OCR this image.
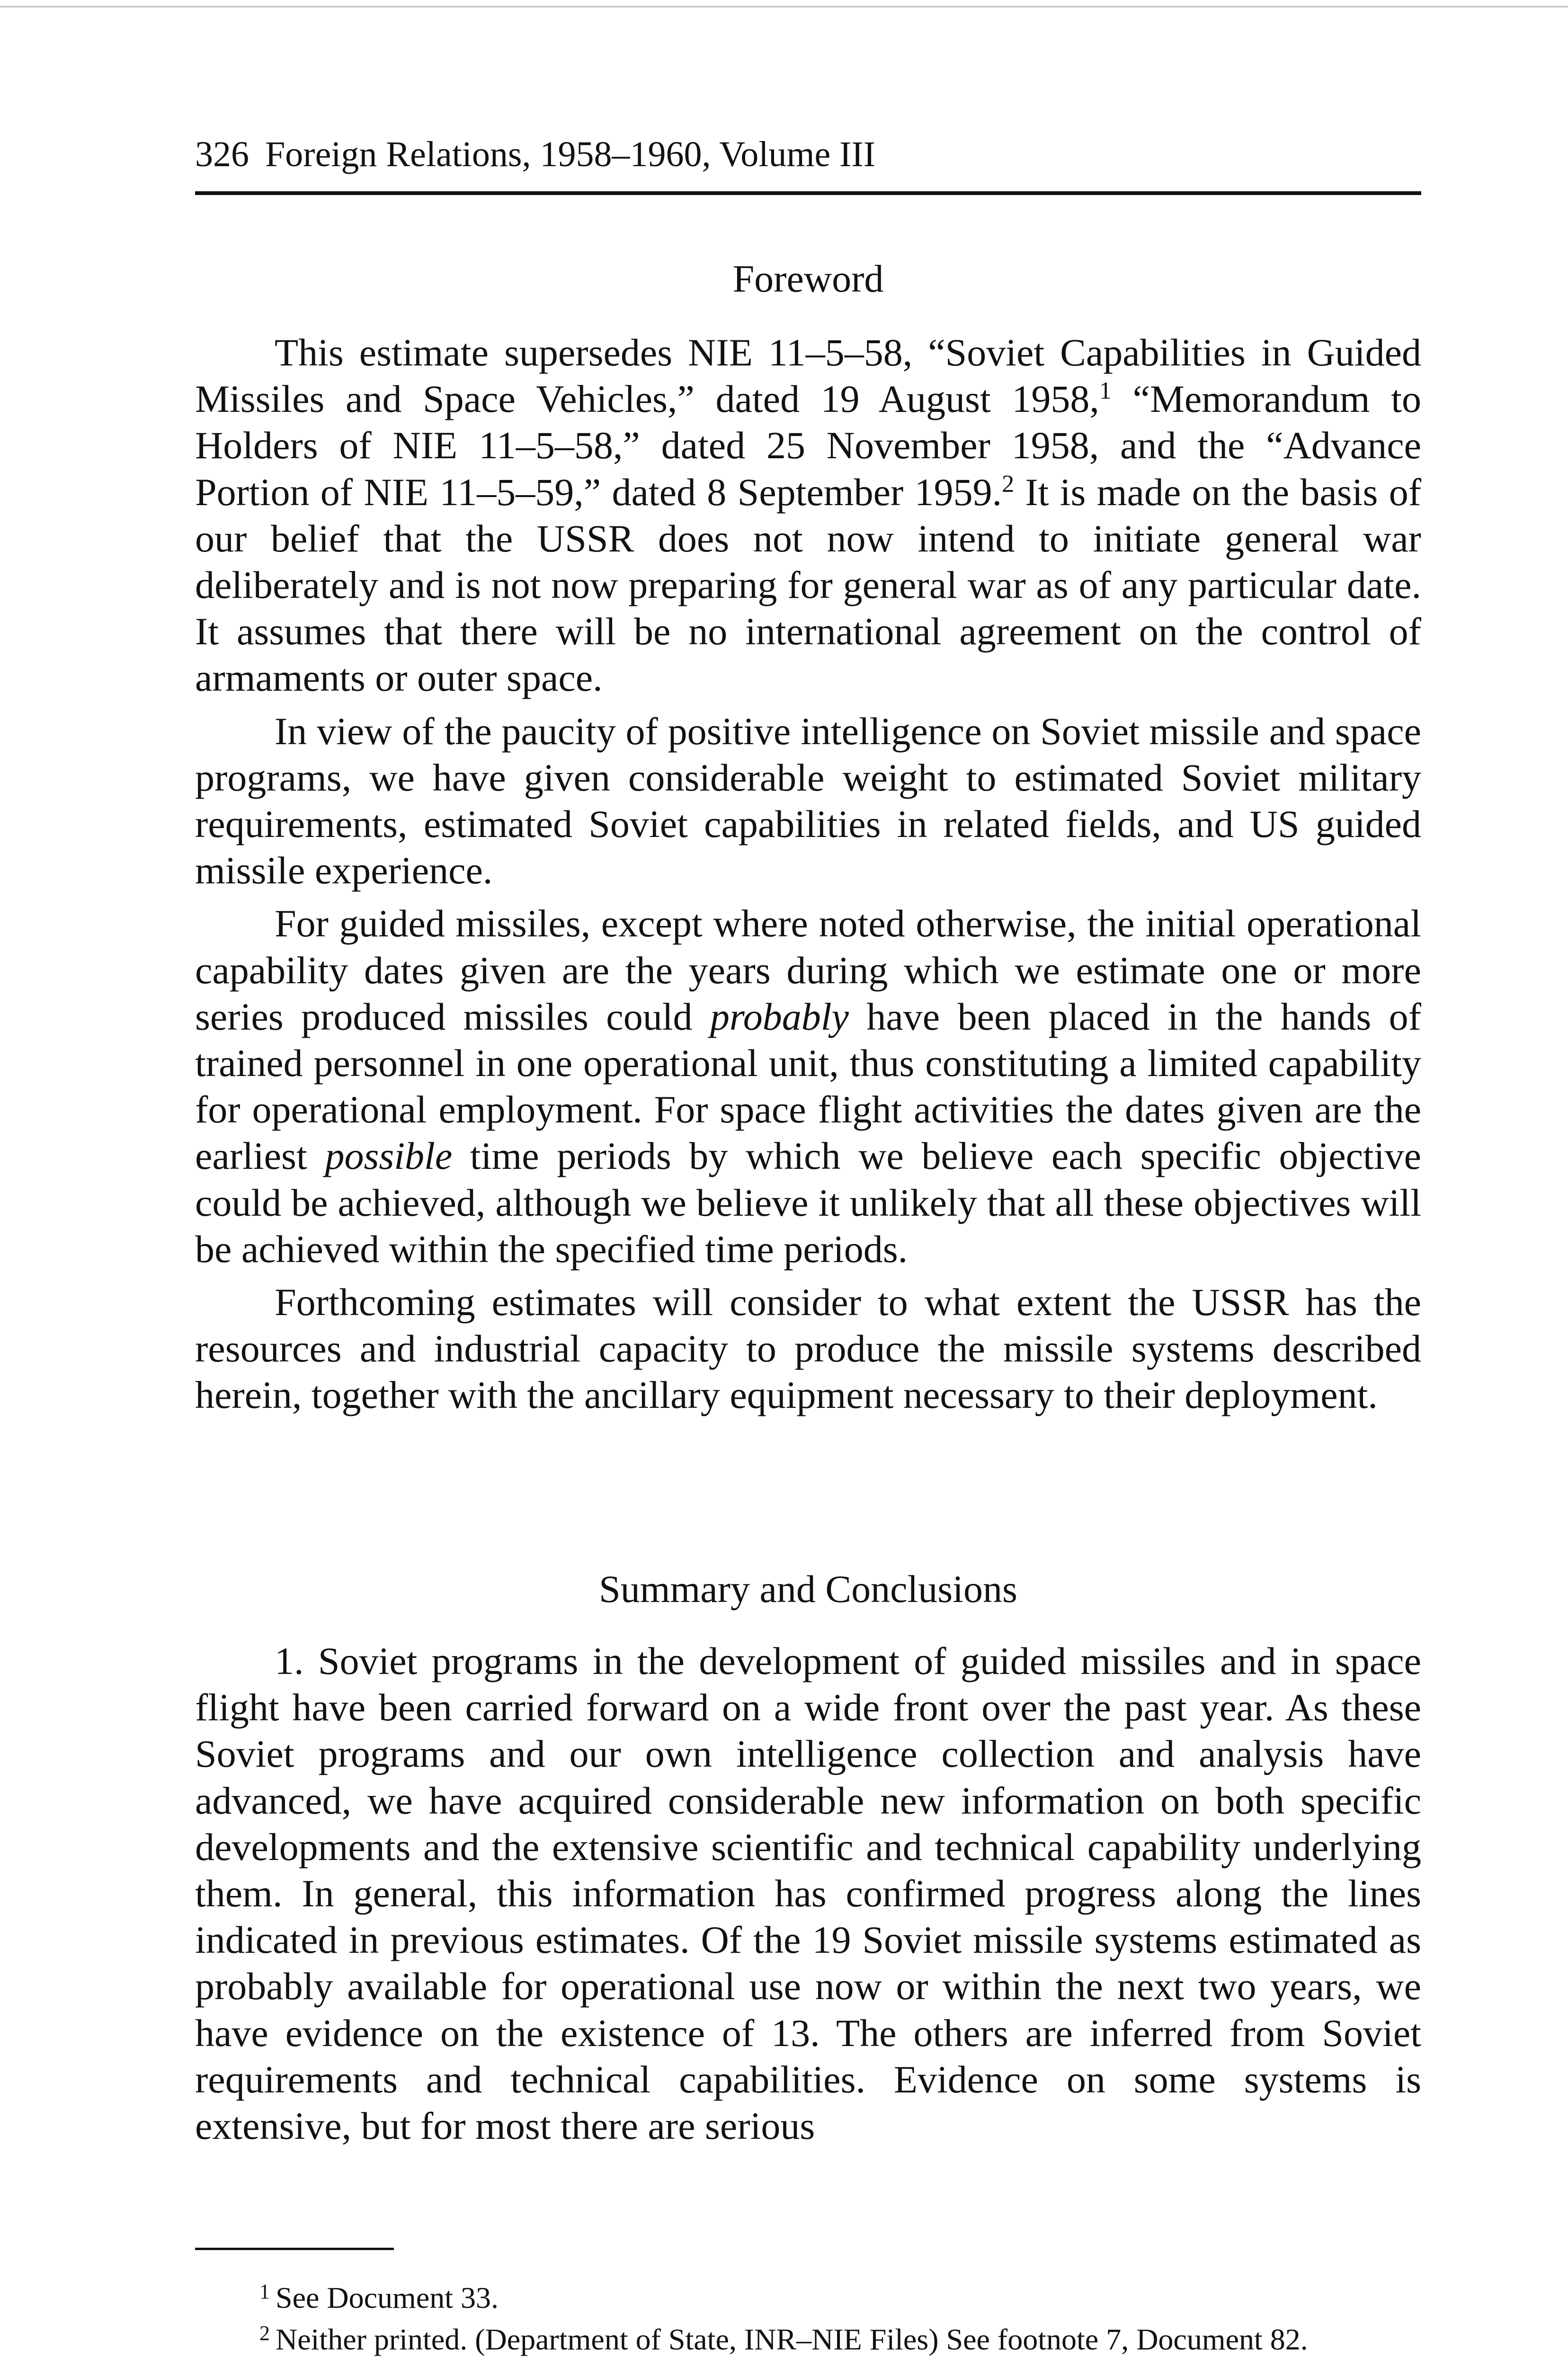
326 Foreign Relations, 1958–1960, Volume III
Foreword

This estimate supersedes NIE 11–5–58, “Soviet Capabilities in Guided Missiles and Space Vehicles,” dated 19 August 1958,$^1$ “Memorandum to Holders of NIE 11–5–58,” dated 25 November 1958, and the “Advance Portion of NIE 11–5–59,” dated 8 September 1959.$^2$ It is made on the basis of our belief that the USSR does not now intend to initiate general war deliberately and is not now preparing for general war as of any particular date. It assumes that there will be no international agreement on the control of armaments or outer space.

In view of the paucity of positive intelligence on Soviet missile and space programs, we have given considerable weight to estimated Soviet military requirements, estimated Soviet capabilities in related fields, and US guided missile experience.

For guided missiles, except where noted otherwise, the initial operational capability dates given are the years during which we estimate one or more series produced missiles could probably have been placed in the hands of trained personnel in one operational unit, thus constituting a limited capability for operational employment. For space flight activities the dates given are the earliest possible time periods by which we believe each specific objective could be achieved, although we believe it unlikely that all these objectives will be achieved within the specified time periods.

Forthcoming estimates will consider to what extent the USSR has the resources and industrial capacity to produce the missile systems described herein, together with the ancillary equipment necessary to their deployment.

Summary and Conclusions

1. Soviet programs in the development of guided missiles and in space flight have been carried forward on a wide front over the past year. As these Soviet programs and our own intelligence collection and analysis have advanced, we have acquired considerable new information on both specific developments and the extensive scientific and technical capability underlying them. In general, this information has confirmed progress along the lines indicated in previous estimates. Of the 19 Soviet missile systems estimated as probably available for operational use now or within the next two years, we have evidence on the existence of 13. The others are inferred from Soviet requirements and technical capabilities. Evidence on some systems is extensive, but for most there are serious

$^1$ See Document 33.
$^2$ Neither printed. (Department of State, INR–NIE Files) See footnote 7, Document 82.
